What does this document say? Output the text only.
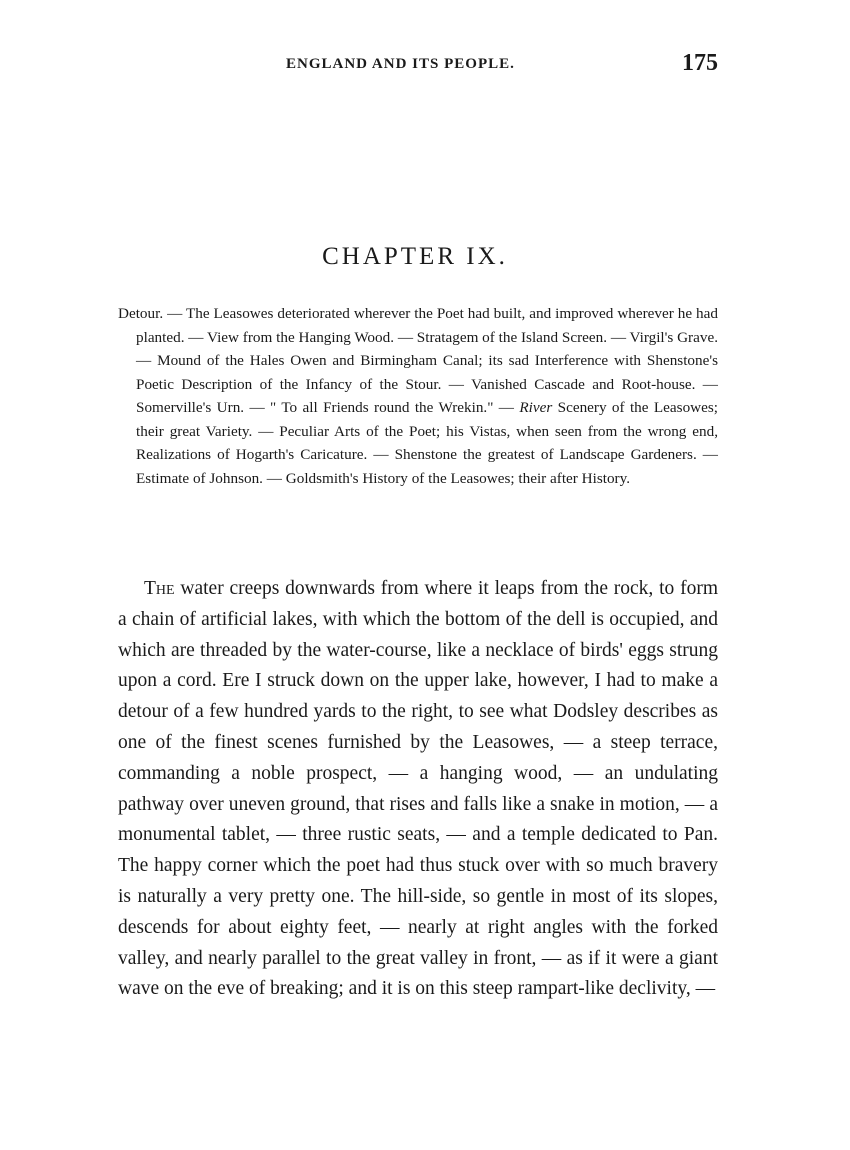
ENGLAND AND ITS PEOPLE.	175
CHAPTER IX.
Detour. — The Leasowes deteriorated wherever the Poet had built, and improved wherever he had planted. — View from the Hanging Wood. — Stratagem of the Island Screen. — Virgil's Grave. — Mound of the Hales Owen and Birmingham Canal; its sad Interference with Shenstone's Poetic Description of the Infancy of the Stour. — Vanished Cascade and Root-house. — Somerville's Urn. — " To all Friends round the Wrekin." — River Scenery of the Leasowes; their great Variety. — Peculiar Arts of the Poet; his Vistas, when seen from the wrong end, Realizations of Hogarth's Caricature. — Shenstone the greatest of Landscape Gardeners. — Estimate of Johnson. — Goldsmith's History of the Leasowes; their after History.
The water creeps downwards from where it leaps from the rock, to form a chain of artificial lakes, with which the bottom of the dell is occupied, and which are threaded by the water-course, like a necklace of birds' eggs strung upon a cord. Ere I struck down on the upper lake, however, I had to make a detour of a few hundred yards to the right, to see what Dodsley describes as one of the finest scenes furnished by the Leasowes, — a steep terrace, commanding a noble prospect, — a hanging wood, — an undulating pathway over uneven ground, that rises and falls like a snake in motion, — a monumental tablet, — three rustic seats, — and a temple dedicated to Pan. The happy corner which the poet had thus stuck over with so much bravery is naturally a very pretty one. The hill-side, so gentle in most of its slopes, descends for about eighty feet, — nearly at right angles with the forked valley, and nearly parallel to the great valley in front, — as if it were a giant wave on the eve of breaking; and it is on this steep rampart-like declivity, —
